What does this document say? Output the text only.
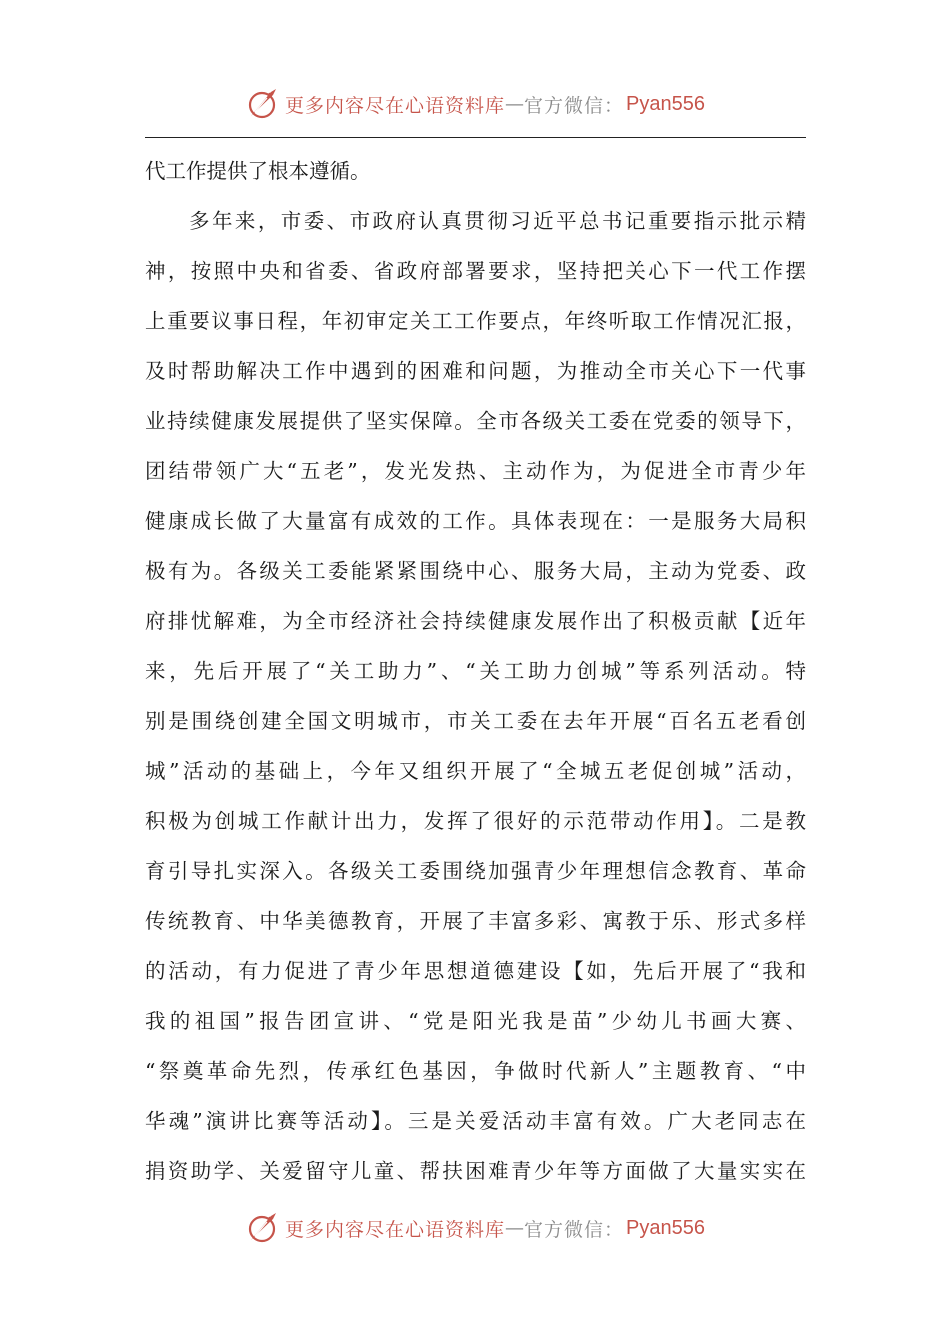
更多内容尽在心语资料库 — 官方微信： Pyan556
代工作提供了根本遵循。
多年来，市委、市政府认真贯彻习近平总书记重要指示批示精
神，按照中央和省委、省政府部署要求，坚持把关心下一代工作摆
上重要议事日程，年初审定关工工作要点，年终听取工作情况汇报，
及时帮助解决工作中遇到的困难和问题，为推动全市关心下一代事
业持续健康发展提供了坚实保障。全市各级关工委在党委的领导下，
团结带领广大“五老”，发光发热、主动作为，为促进全市青少年
健康成长做了大量富有成效的工作。具体表现在：一是服务大局积
极有为。各级关工委能紧紧围绕中心、服务大局，主动为党委、政
府排忧解难，为全市经济社会持续健康发展作出了积极贡献【近年
来，先后开展了“关工助力”、“关工助力创城”等系列活动。特
别是围绕创建全国文明城市，市关工委在去年开展“百名五老看创
城”活动的基础上，今年又组织开展了“全城五老促创城”活动，
积极为创城工作献计出力，发挥了很好的示范带动作用】。二是教
育引导扎实深入。各级关工委围绕加强青少年理想信念教育、革命
传统教育、中华美德教育，开展了丰富多彩、寓教于乐、形式多样
的活动，有力促进了青少年思想道德建设【如，先后开展了“我和
我的祖国”报告团宣讲、“党是阳光我是苗”少幼儿书画大赛、
“祭奠革命先烈，传承红色基因，争做时代新人”主题教育、“中
华魂”演讲比赛等活动】。三是关爱活动丰富有效。广大老同志在
捐资助学、关爱留守儿童、帮扶困难青少年等方面做了大量实实在
更多内容尽在心语资料库 — 官方微信： Pyan556
